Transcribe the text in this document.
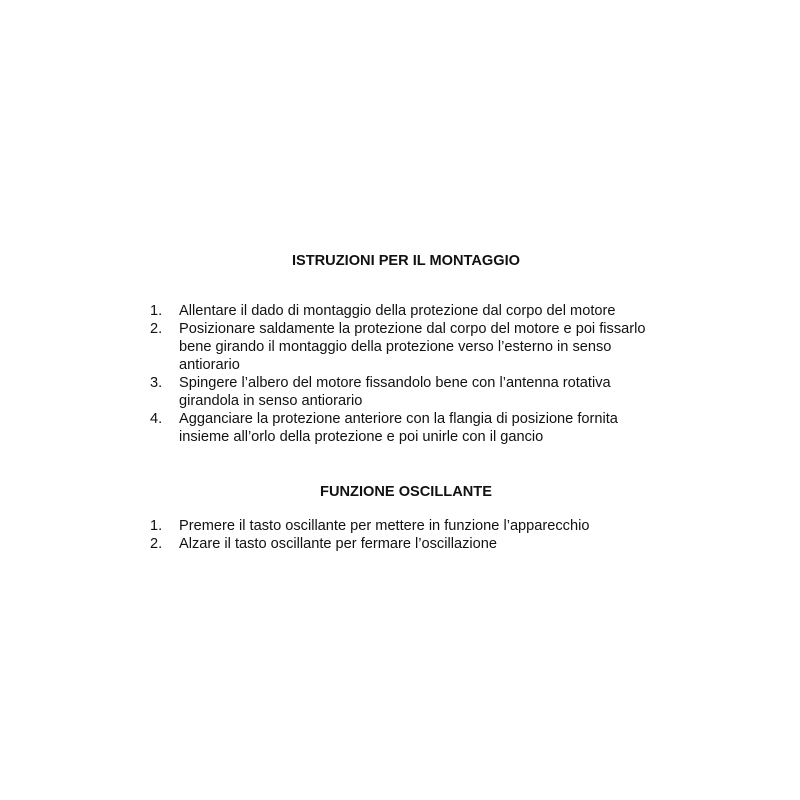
ISTRUZIONI PER IL MONTAGGIO
1. Allentare il dado di montaggio della protezione dal corpo del motore
2. Posizionare saldamente la protezione dal corpo del motore e poi fissarlo bene girando il montaggio della protezione verso l’esterno in senso antiorario
3. Spingere l’albero del motore fissandolo bene con l’antenna rotativa girandola in senso antiorario
4. Agganciare la protezione anteriore con la flangia di posizione fornita insieme all’orlo della protezione e poi unirle con il gancio
FUNZIONE OSCILLANTE
1. Premere il tasto oscillante per mettere in funzione l’apparecchio
2. Alzare il tasto oscillante per fermare l’oscillazione
